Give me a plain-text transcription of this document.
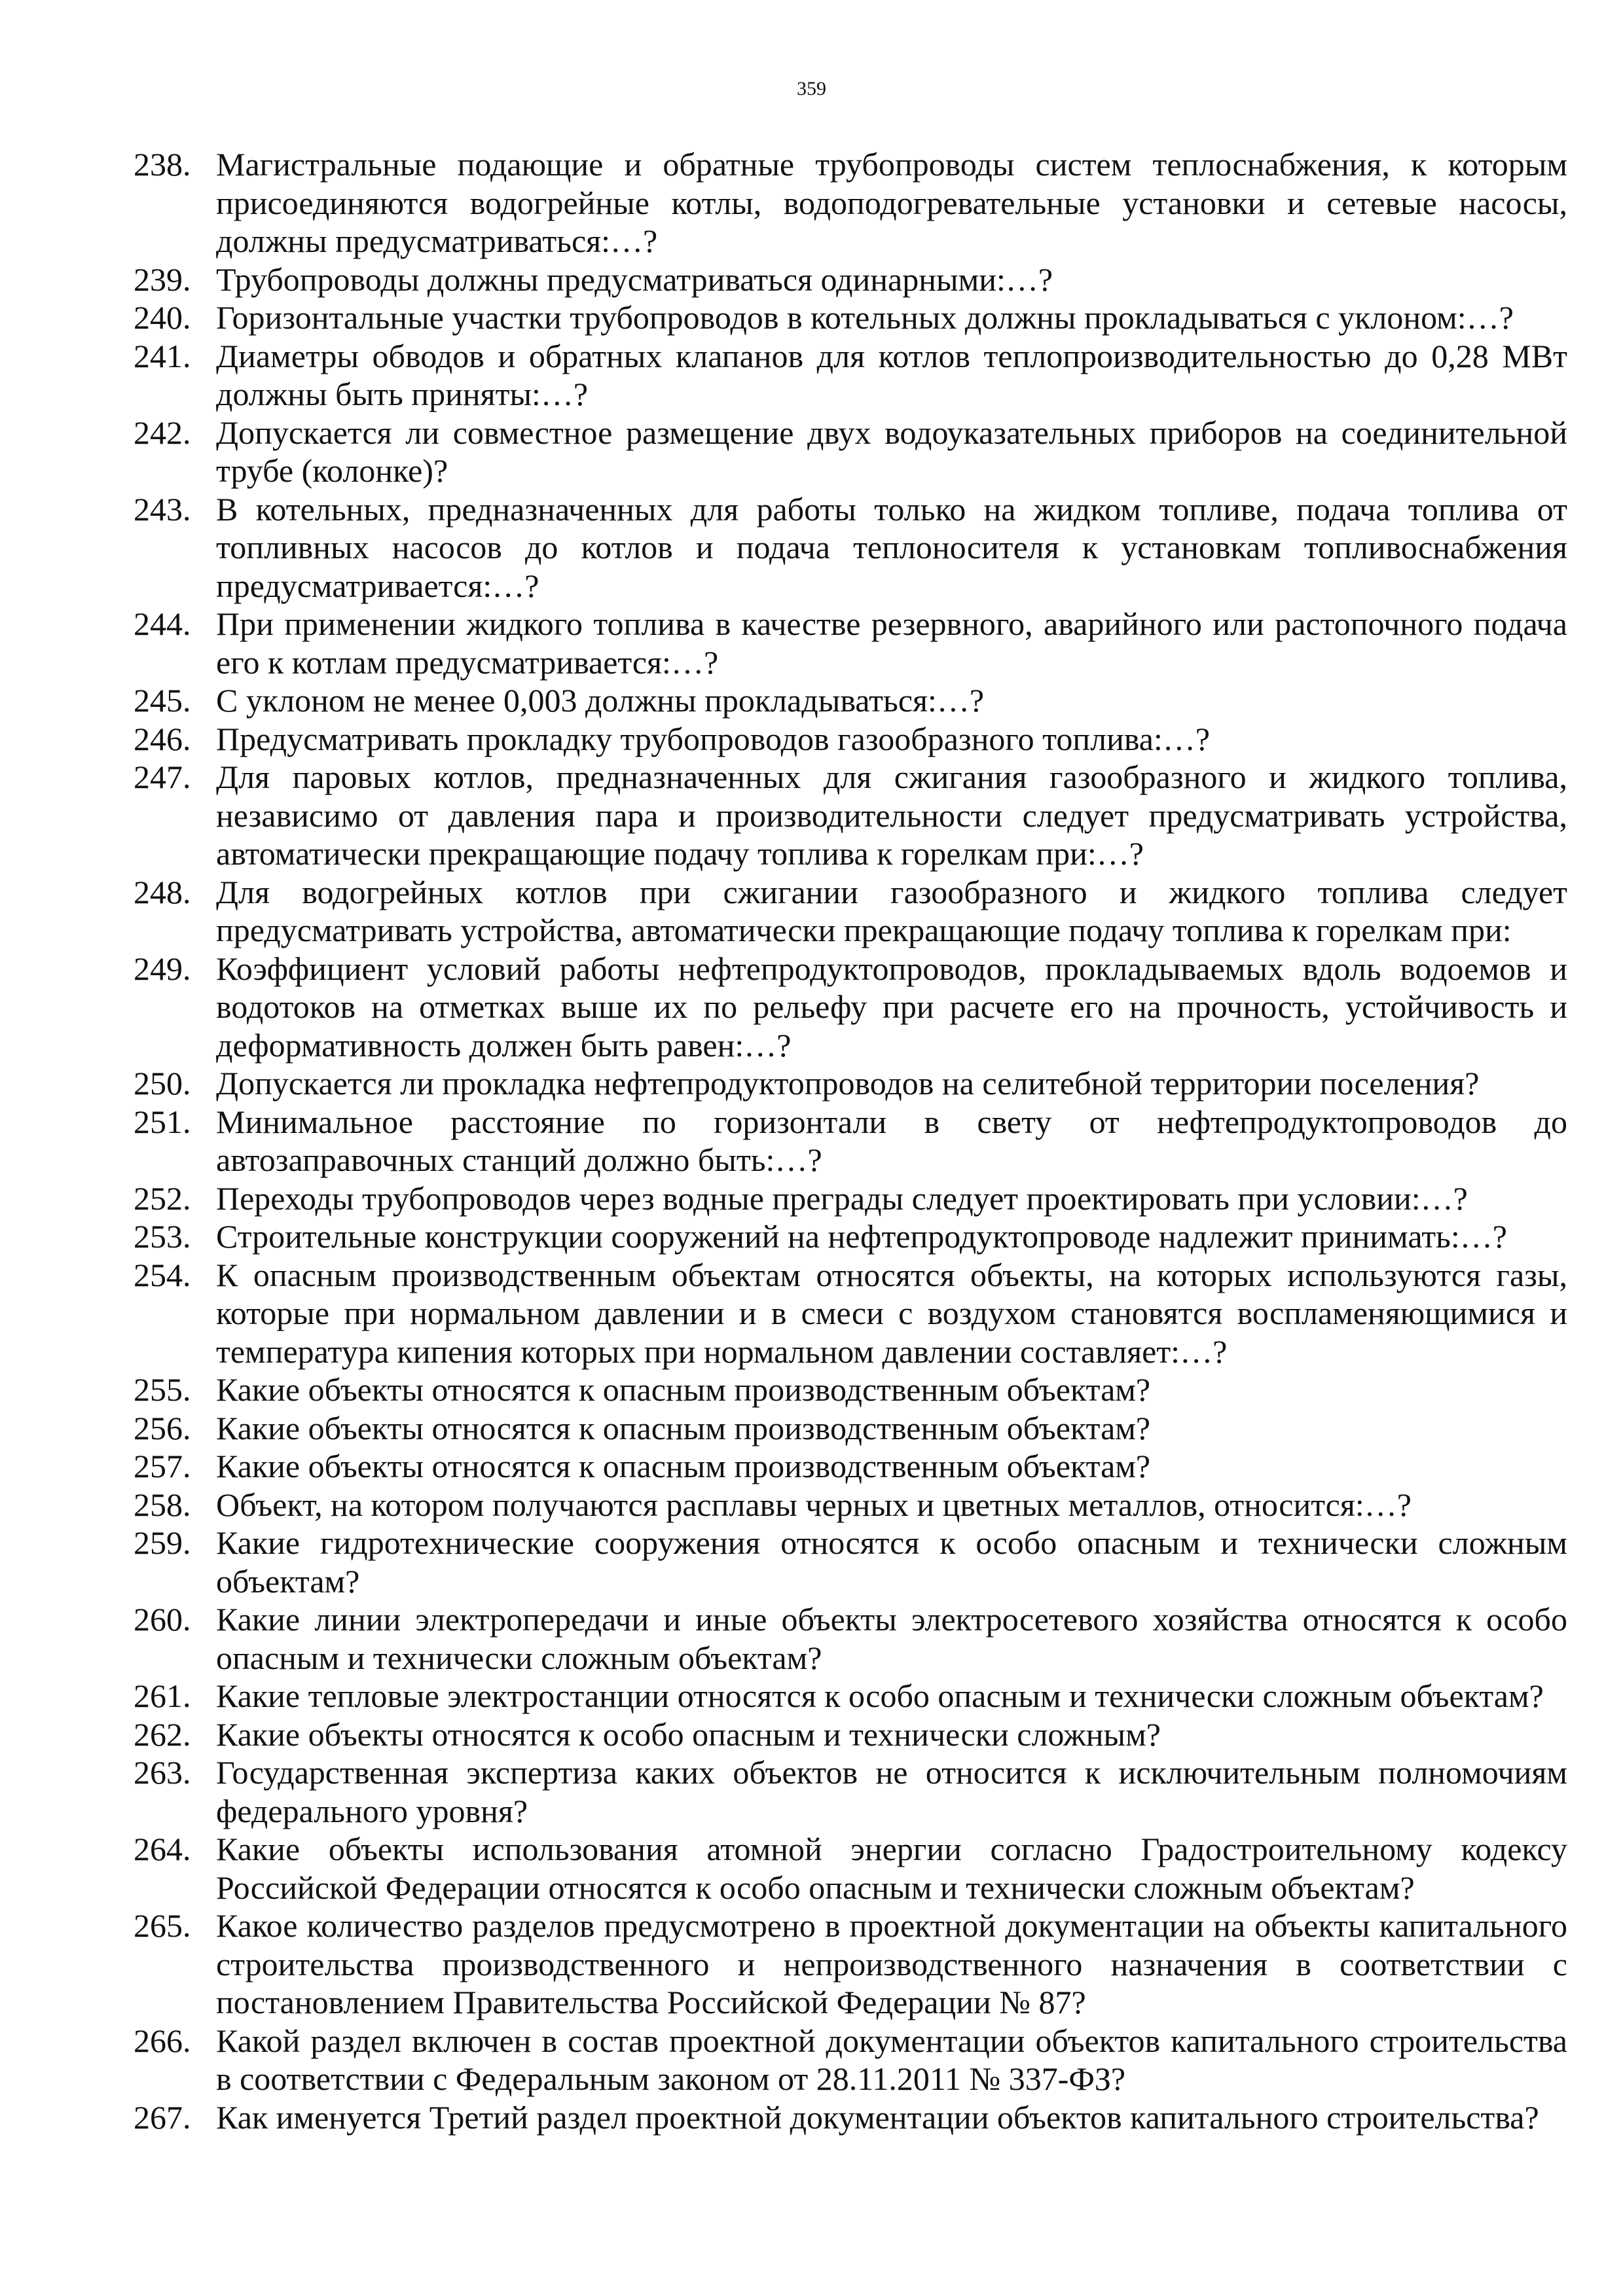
359
238. Магистральные подающие и обратные трубопроводы систем теплоснабжения, к которым присоединяются водогрейные котлы, водоподогревательные установки и сетевые насосы, должны предусматриваться:…?
239. Трубопроводы должны предусматриваться одинарными:…?
240. Горизонтальные участки трубопроводов в котельных должны прокладываться с уклоном:…?
241. Диаметры обводов и обратных клапанов для котлов теплопроизводительностью до 0,28 МВт должны быть приняты:…?
242. Допускается ли совместное размещение двух водоуказательных приборов на соединительной трубе (колонке)?
243. В котельных, предназначенных для работы только на жидком топливе, подача топлива от топливных насосов до котлов и подача теплоносителя к установкам топливоснабжения предусматривается:…?
244. При применении жидкого топлива в качестве резервного, аварийного или растопочного подача его к котлам предусматривается:…?
245. С уклоном не менее 0,003 должны прокладываться:…?
246. Предусматривать прокладку трубопроводов газообразного топлива:…?
247. Для паровых котлов, предназначенных для сжигания газообразного и жидкого топлива, независимо от давления пара и производительности следует предусматривать устройства, автоматически прекращающие подачу топлива к горелкам при:…?
248. Для водогрейных котлов при сжигании газообразного и жидкого топлива следует предусматривать устройства, автоматически прекращающие подачу топлива к горелкам при:
249. Коэффициент условий работы нефтепродуктопроводов, прокладываемых вдоль водоемов и водотоков на отметках выше их по рельефу при расчете его на прочность, устойчивость и деформативность должен быть равен:…?
250. Допускается ли прокладка нефтепродуктопроводов на селитебной территории поселения?
251. Минимальное расстояние по горизонтали в свету от нефтепродуктопроводов до автозаправочных станций должно быть:…?
252. Переходы трубопроводов через водные преграды следует проектировать при условии:…?
253. Строительные конструкции сооружений на нефтепродуктопроводе надлежит принимать:…?
254. К опасным производственным объектам относятся объекты, на которых используются газы, которые при нормальном давлении и в смеси с воздухом становятся воспламеняющимися и температура кипения которых при нормальном давлении составляет:…?
255. Какие объекты относятся к опасным производственным объектам?
256. Какие объекты относятся к опасным производственным объектам?
257. Какие объекты относятся к опасным производственным объектам?
258. Объект, на котором получаются расплавы черных и цветных металлов, относится:…?
259. Какие гидротехнические сооружения относятся к особо опасным и технически сложным объектам?
260. Какие линии электропередачи и иные объекты электросетевого хозяйства относятся к особо опасным и технически сложным объектам?
261. Какие тепловые электростанции относятся к особо опасным и технически сложным объектам?
262. Какие объекты относятся к особо опасным и технически сложным?
263. Государственная экспертиза каких объектов не относится к исключительным полномочиям федерального уровня?
264. Какие объекты использования атомной энергии согласно Градостроительному кодексу Российской Федерации относятся к особо опасным и технически сложным объектам?
265. Какое количество разделов предусмотрено в проектной документации на объекты капитального строительства производственного и непроизводственного назначения в соответствии с постановлением Правительства Российской Федерации № 87?
266. Какой раздел включен в состав проектной документации объектов капитального строительства в соответствии с Федеральным законом от 28.11.2011 № 337-ФЗ?
267. Как именуется Третий раздел проектной документации объектов капитального строительства?
